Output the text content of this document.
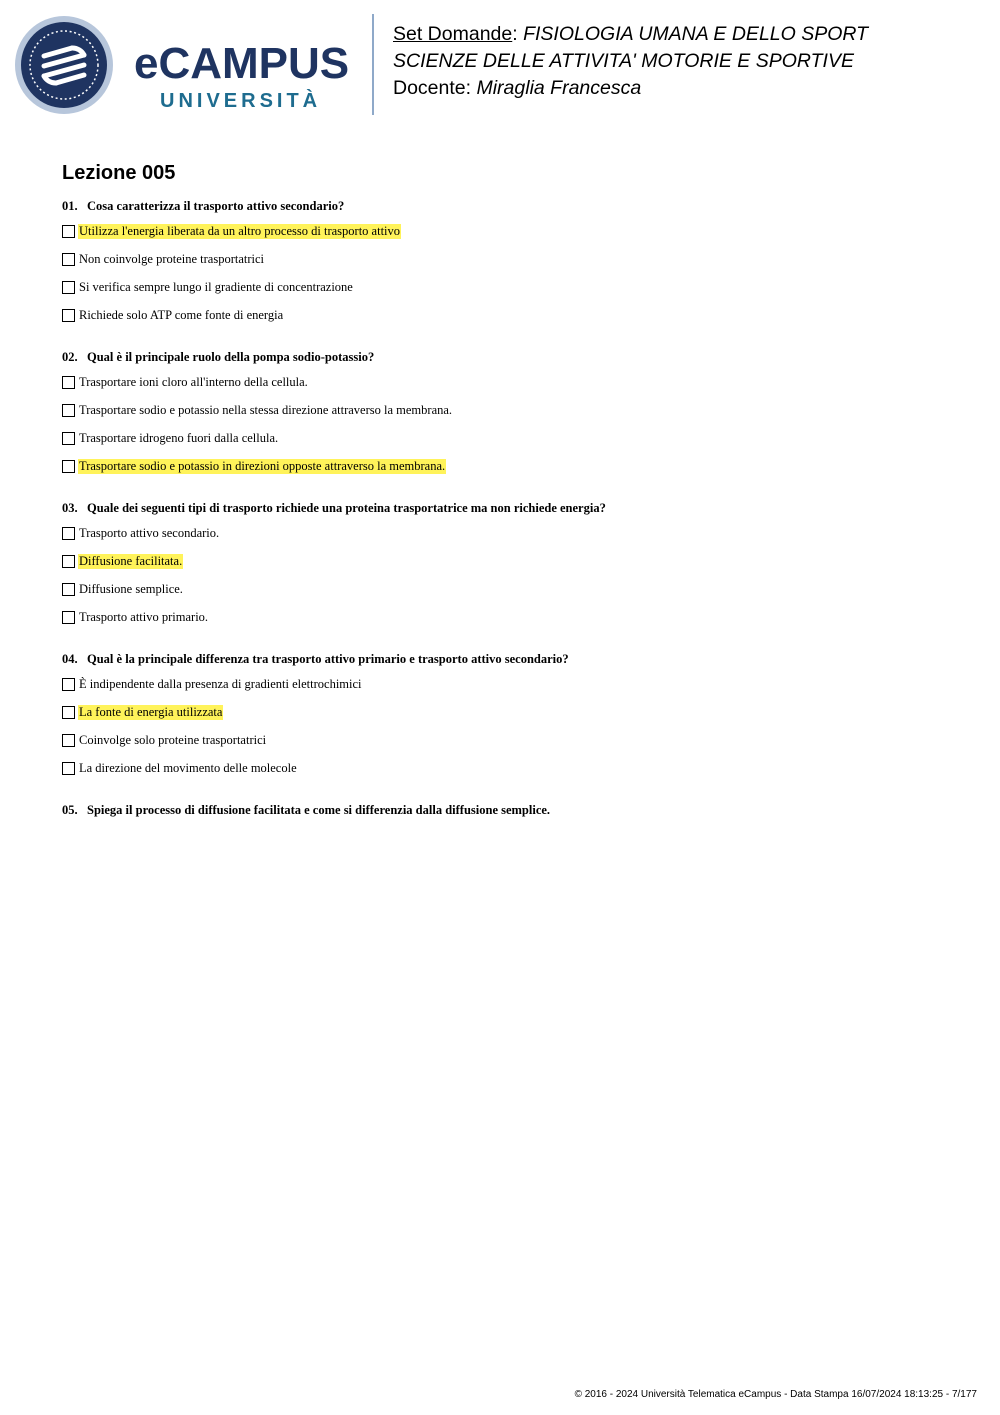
eCAMPUS
UNIVERSITÀ
Set Domande: FISIOLOGIA UMANA E DELLO SPORT
SCIENZE DELLE ATTIVITA' MOTORIE E SPORTIVE
Docente: Miraglia Francesca
Lezione 005
01. Cosa caratterizza il trasporto attivo secondario?
Utilizza l'energia liberata da un altro processo di trasporto attivo
Non coinvolge proteine trasportatrici
Si verifica sempre lungo il gradiente di concentrazione
Richiede solo ATP come fonte di energia
02. Qual è il principale ruolo della pompa sodio-potassio?
Trasportare ioni cloro all'interno della cellula.
Trasportare sodio e potassio nella stessa direzione attraverso la membrana.
Trasportare idrogeno fuori dalla cellula.
Trasportare sodio e potassio in direzioni opposte attraverso la membrana.
03. Quale dei seguenti tipi di trasporto richiede una proteina trasportatrice ma non richiede energia?
Trasporto attivo secondario.
Diffusione facilitata.
Diffusione semplice.
Trasporto attivo primario.
04. Qual è la principale differenza tra trasporto attivo primario e trasporto attivo secondario?
È indipendente dalla presenza di gradienti elettrochimici
La fonte di energia utilizzata
Coinvolge solo proteine trasportatrici
La direzione del movimento delle molecole
05. Spiega il processo di diffusione facilitata e come si differenzia dalla diffusione semplice.
© 2016 - 2024 Università Telematica eCampus - Data Stampa 16/07/2024 18:13:25 - 7/177
